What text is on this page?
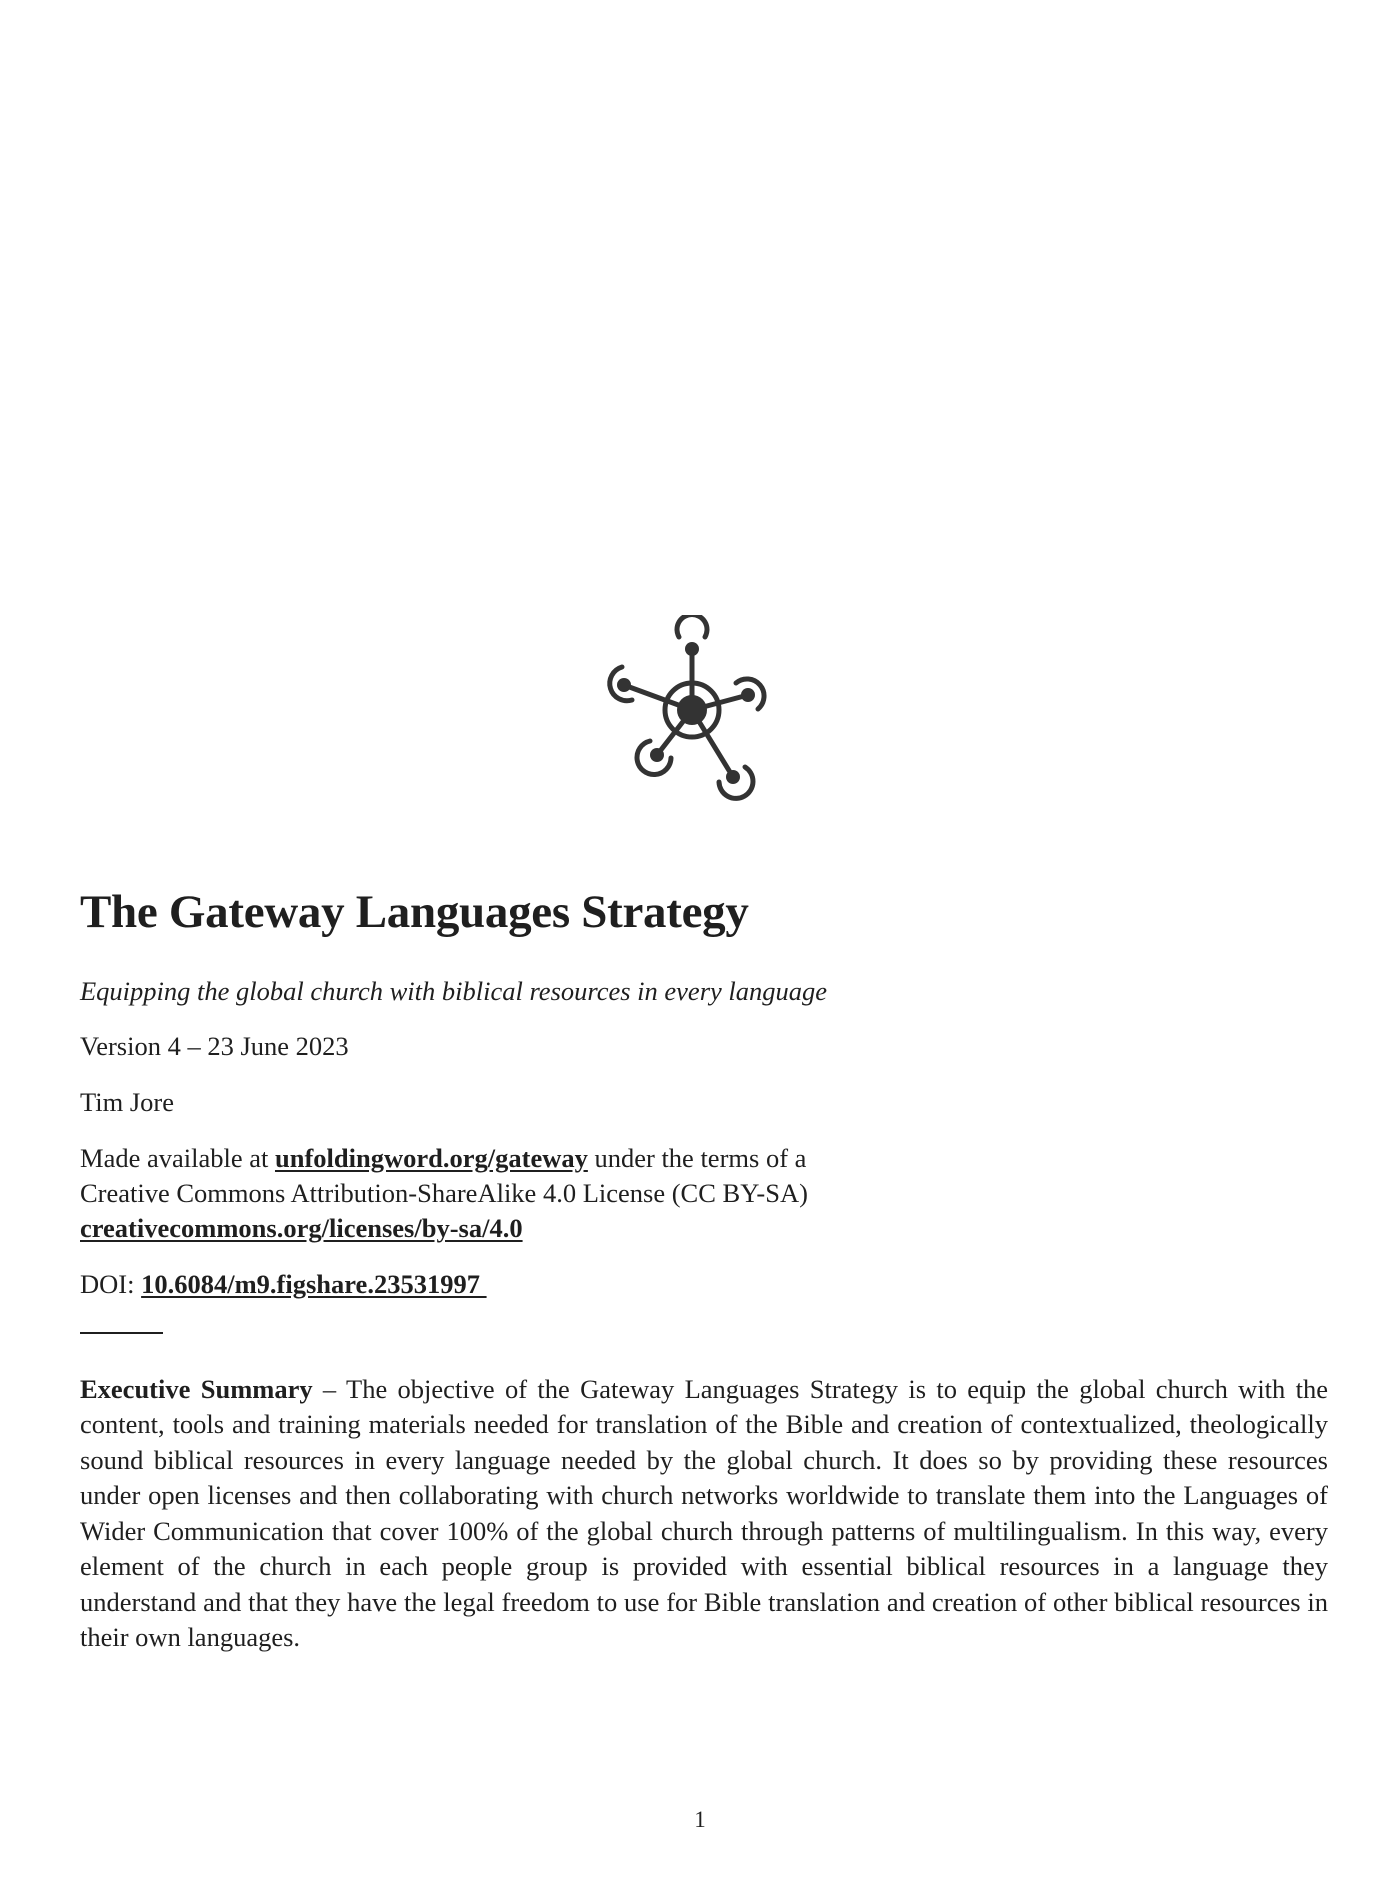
The Gateway Languages Strategy

Equipping the global church with biblical resources in every language

Version 4 – 23 June 2023

Tim Jore

Made available at unfoldingword.org/gateway under the terms of a
Creative Commons Attribution-ShareAlike 4.0 License (CC BY-SA)
creativecommons.org/licenses/by-sa/4.0

DOI: 10.6084/m9.figshare.23531997

Executive Summary – The objective of the Gateway Languages Strategy is to equip the global church with the content, tools and training materials needed for translation of the Bible and creation of contextualized, theologically sound biblical resources in every language needed by the global church. It does so by providing these resources under open licenses and then collaborating with church networks worldwide to translate them into the Languages of Wider Communication that cover 100% of the global church through patterns of multilingualism. In this way, every element of the church in each people group is provided with essential biblical resources in a language they understand and that they have the legal freedom to use for Bible translation and creation of other biblical resources in their own languages.

1
